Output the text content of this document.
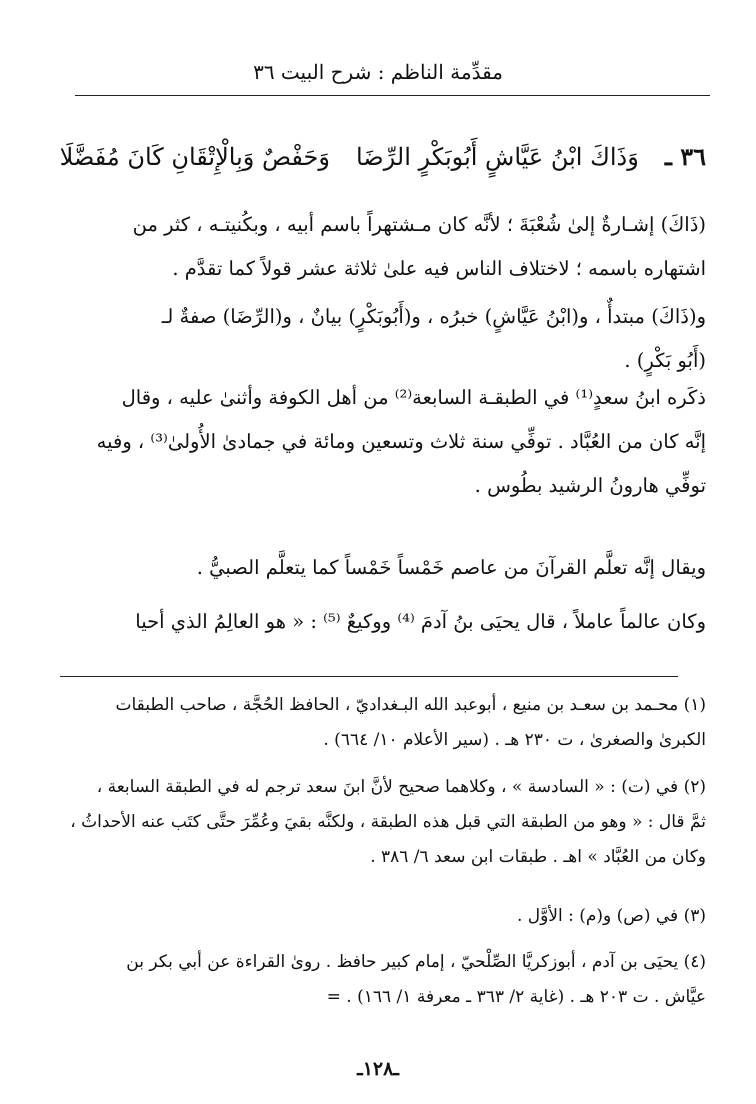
مقدِّمة الناظم : شرح البيت ٣٦
٣٦ ـ
وَذَاكَ ابْنُ عَيَّاشٍ أَبُوبَكْرٍ الرِّضَا
وَحَفْصٌ وَبِالْإِتْقَانِ كَانَ مُفَضَّلَا
(ذَاكَ) إشـارةٌ إلىٰ شُعْبَةَ ؛ لأنَّه كان مـشتهراً باسم أبيه ، وبكُنيتـه ، كثر من
اشتهاره باسمه ؛ لاختلاف الناس فيه علىٰ ثلاثة عشر قولاً كما تقدَّم .
و(ذَاكَ) مبتدأٌ ، و(ابْنُ عَيَّاشٍ) خبرُه ، و(أَبُوبَكْرٍ) بيانٌ ، و(الرِّضَا) صفةٌ لـ
(أَبُو بَكْرٍ) .
ذكَره ابنُ سعدٍ⁽¹⁾ في الطبقـة السابعة⁽²⁾ من أهل الكوفة وأثنىٰ عليه ، وقال
إنَّه كان من العُبَّاد . توفِّي سنة ثلاث وتسعين ومائة في جمادىٰ الأُولىٰ⁽³⁾ ، وفيه
توفِّي هارونُ الرشيد بطُوس .
ويقال إنَّه تعلَّم القرآنَ من عاصم خَمْساً خَمْساً كما يتعلَّم الصبيُّ .
وكان عالماً عاملاً ، قال يحيَى بنُ آدمَ ⁽⁴⁾ ووكيعٌ ⁽⁵⁾ : « هو العالِمُ الذي أحيا
(١) محـمد بن سعـد بن منيع ، أبوعبد الله البـغداديّ ، الحافظ الحُجَّة ، صاحب الطبقات
الكبرىٰ والصغرىٰ ، ت ٢٣٠ هـ . (سير الأعلام ١٠/ ٦٦٤) .
(٢) في (ت) : « السادسة » ، وكلاهما صحيح لأنَّ ابنَ سعد ترجم له في الطبقة السابعة ،
ثمَّ قال : « وهو من الطبقة التي قبل هذه الطبقة ، ولكنَّه بقيَ وعُمِّرَ حتَّى كتَب عنه الأحداثُ ،
وكان من العُبَّاد » اهـ . طبقات ابن سعد ٦/ ٣٨٦ .
(٣) في (ص) و(م) : الأوَّل .
(٤) يحيَى بن آدم ، أبوزكريَّا الصِّلْحيّ ، إمام كبير حافظ . روىٰ القراءة عن أبي بكر بن
عيَّاش . ت ٢٠٣ هـ . (غاية ٢/ ٣٦٣ ـ معرفة ١/ ١٦٦) . =
ـ١٢٨ـ
